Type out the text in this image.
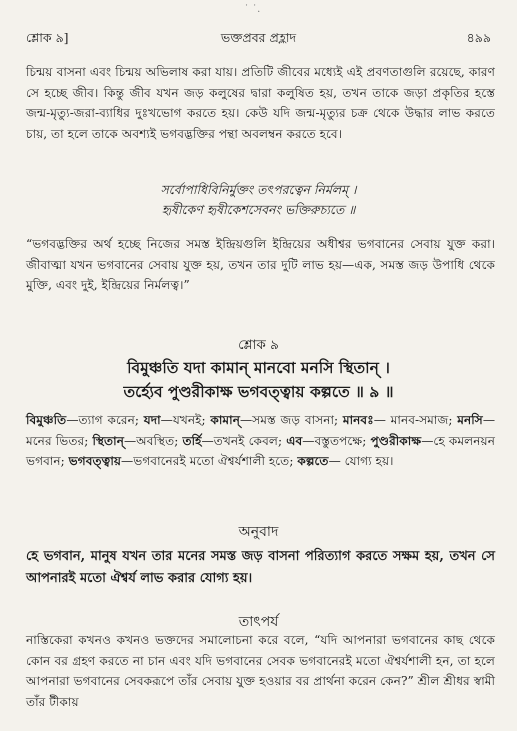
˙ ˙.
শ্লোক ৯]	ভক্তপ্রবর প্রহ্লাদ	৪৯৯
চিন্ময় বাসনা এবং চিন্ময় অভিলাষ করা যায়। প্রতিটি জীবের মধ্যেই এই প্রবণতাগুলি রয়েছে, কারণ সে হচ্ছে জীব। কিন্তু জীব যখন জড় কলুষের দ্বারা কলুষিত হয়, তখন তাকে জড়া প্রকৃতির হস্তে জন্ম-মৃত্যু-জরা-ব্যাধির দুঃখভোগ করতে হয়। কেউ যদি জন্ম-মৃত্যুর চক্র থেকে উদ্ধার লাভ করতে চায়, তা হলে তাকে অবশ্যই ভগবদ্ভক্তির পন্থা অবলম্বন করতে হবে।
সর্বোপাধিবিনির্মুক্তং তৎপরত্বেন নির্মলম্ ।
হৃষীকেণ হৃষীকেশসেবনং ভক্তিরুচ্যতে ॥
“ভগবদ্ভক্তির অর্থ হচ্ছে নিজের সমস্ত ইন্দ্রিয়গুলি ইন্দ্রিয়ের অধীশ্বর ভগবানের সেবায় যুক্ত করা। জীবাত্মা যখন ভগবানের সেবায় যুক্ত হয়, তখন তার দুটি লাভ হয়—এক, সমস্ত জড় উপাধি থেকে মুক্তি, এবং দুই, ইন্দ্রিয়ের নির্মলত্ব।”
শ্লোক ৯
বিমুঞ্চতি যদা কামান্ মানবো মনসি স্থিতান্ ।
তর্হ্যেব পুণ্ডরীকাক্ষ ভগবত্ত্বায় কল্পতে ॥ ৯ ॥
বিমুঞ্চতি—ত্যাগ করেন; যদা—যখনই; কামান্—সমস্ত জড় বাসনা; মানবঃ— মানব-সমাজ; মনসি—মনের ভিতর; স্থিতান্—অবস্থিত; তর্হি—তখনই কেবল; এব—বস্তুতপক্ষে; পুণ্ডরীকাক্ষ—হে কমলনয়ন ভগবান; ভগবত্ত্বায়—ভগবানেরই মতো ঐশ্বর্যশালী হতে; কল্পতে— যোগ্য হয়।
অনুবাদ
হে ভগবান, মানুষ যখন তার মনের সমস্ত জড় বাসনা পরিত্যাগ করতে সক্ষম হয়, তখন সে আপনারই মতো ঐশ্বর্য লাভ করার যোগ্য হয়।
তাৎপর্য
নাস্তিকেরা কখনও কখনও ভক্তদের সমালোচনা করে বলে, “যদি আপনারা ভগবানের কাছ থেকে কোন বর গ্রহণ করতে না চান এবং যদি ভগবানের সেবক ভগবানেরই মতো ঐশ্বর্যশালী হন, তা হলে আপনারা ভগবানের সেবকরূপে তাঁর সেবায় যুক্ত হওয়ার বর প্রার্থনা করেন কেন?” শ্রীল শ্রীধর স্বামী তাঁর টীকায়
